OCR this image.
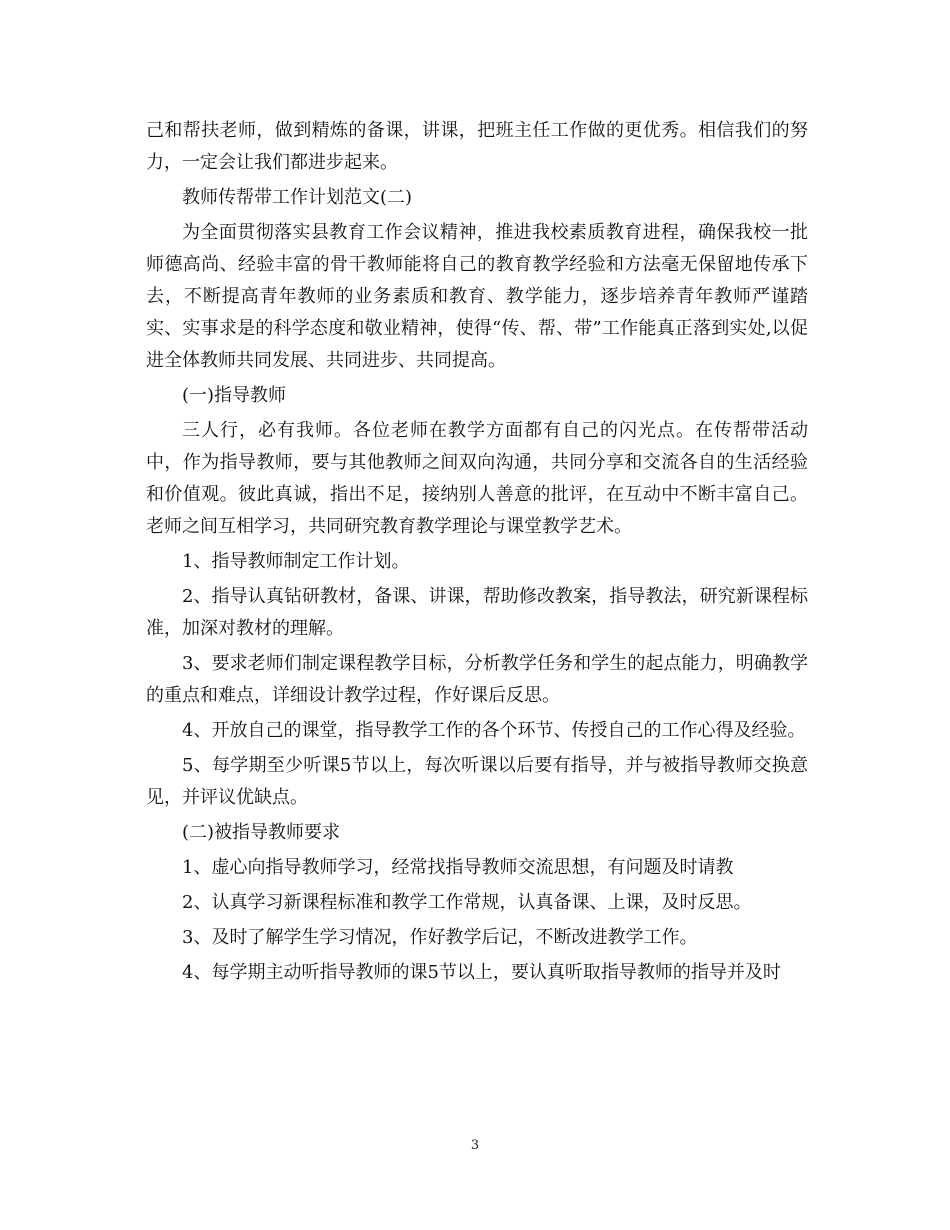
己和帮扶老师，做到精炼的备课，讲课，把班主任工作做的更优秀。相信我们的努力，一定会让我们都进步起来。

教师传帮带工作计划范文(二)

为全面贯彻落实县教育工作会议精神，推进我校素质教育进程，确保我校一批师德高尚、经验丰富的骨干教师能将自己的教育教学经验和方法毫无保留地传承下去，不断提高青年教师的业务素质和教育、教学能力，逐步培养青年教师严谨踏实、实事求是的科学态度和敬业精神，使得“传、帮、带”工作能真正落到实处,以促进全体教师共同发展、共同进步、共同提高。

(一)指导教师

三人行，必有我师。各位老师在教学方面都有自己的闪光点。在传帮带活动中，作为指导教师，要与其他教师之间双向沟通，共同分享和交流各自的生活经验和价值观。彼此真诚，指出不足，接纳别人善意的批评，在互动中不断丰富自己。老师之间互相学习，共同研究教育教学理论与课堂教学艺术。

1、指导教师制定工作计划。

2、指导认真钻研教材，备课、讲课，帮助修改教案，指导教法，研究新课程标准，加深对教材的理解。

3、要求老师们制定课程教学目标，分析教学任务和学生的起点能力，明确教学的重点和难点，详细设计教学过程，作好课后反思。

4、开放自己的课堂，指导教学工作的各个环节、传授自己的工作心得及经验。

5、每学期至少听课5节以上，每次听课以后要有指导，并与被指导教师交换意见，并评议优缺点。

(二)被指导教师要求

1、虚心向指导教师学习，经常找指导教师交流思想，有问题及时请教

2、认真学习新课程标准和教学工作常规，认真备课、上课，及时反思。

3、及时了解学生学习情况，作好教学后记，不断改进教学工作。

4、每学期主动听指导教师的课5节以上，要认真听取指导教师的指导并及时

3
